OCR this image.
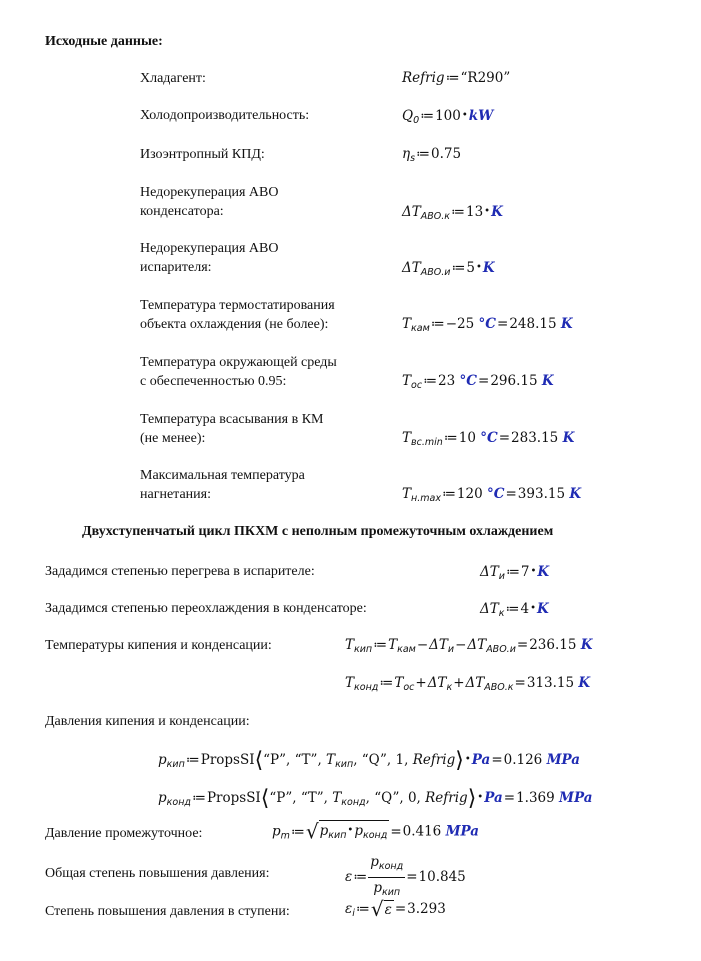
Исходные данные:
Хладагент:	Refrig≔“R290”
Холодопроизводительность:	$Q_0≔100•kW$
Изоэнтропный КПД:	$\eta_s≔0.75$
Недорекуперация АВО
конденсатора:	$\Delta T_{АВО.к}≔13•K$
Недорекуперация АВО
испарителя:	$\Delta T_{АВО.и}≔5•K$
Температура термостатирования
объекта охлаждения (не более):	$T_{кам}≔-25$ °C=248.15 K
Температура окружающей среды
с обеспеченностью 0.95:	$T_{ос}≔23$ °C=296.15 K
Температура всасывания в КМ
(не менее):	$T_{вс.min}≔10$ °C=283.15 K
Максимальная температура
нагнетания:	$T_{н.max}≔120$ °C=393.15 K
Двухступенчатый цикл ПКХМ с неполным промежуточным охлаждением
Зададимся степенью перегрева в испарителе:	$\Delta T_и≔7•K$
Зададимся степенью переохлаждения в конденсаторе:	$\Delta T_к≔4•K$
Температуры кипения и конденсации:	$T_{кип}≔T_{кам}-\Delta T_и-\Delta T_{АВО.и}=236.15$ K
$T_{конд}≔T_{ос}+\Delta T_к+\Delta T_{АВО.к}=313.15$ K
Давления кипения и конденсации:
$p_{кип}≔PropsSI⟨“P$”, “T”, $T_{кип}$, “Q”, 1, Refrig⟩•Pa=0.126 MPa
$p_{конд}≔PropsSI⟨“P$”, “T”, $T_{конд}$, “Q”, 0, Refrig⟩•Pa=1.369 MPa
Давление промежуточное:	$p_m≔√p_{кип}•p_{конд} =0.416$ MPa
Общая степень повышения давления:	ε≔ $\frac{p_{конд}}{p_{кип}} =10.845$
Степень повышения давления в ступени:	$\varepsilon_i≔√\varepsilon =3.293$
